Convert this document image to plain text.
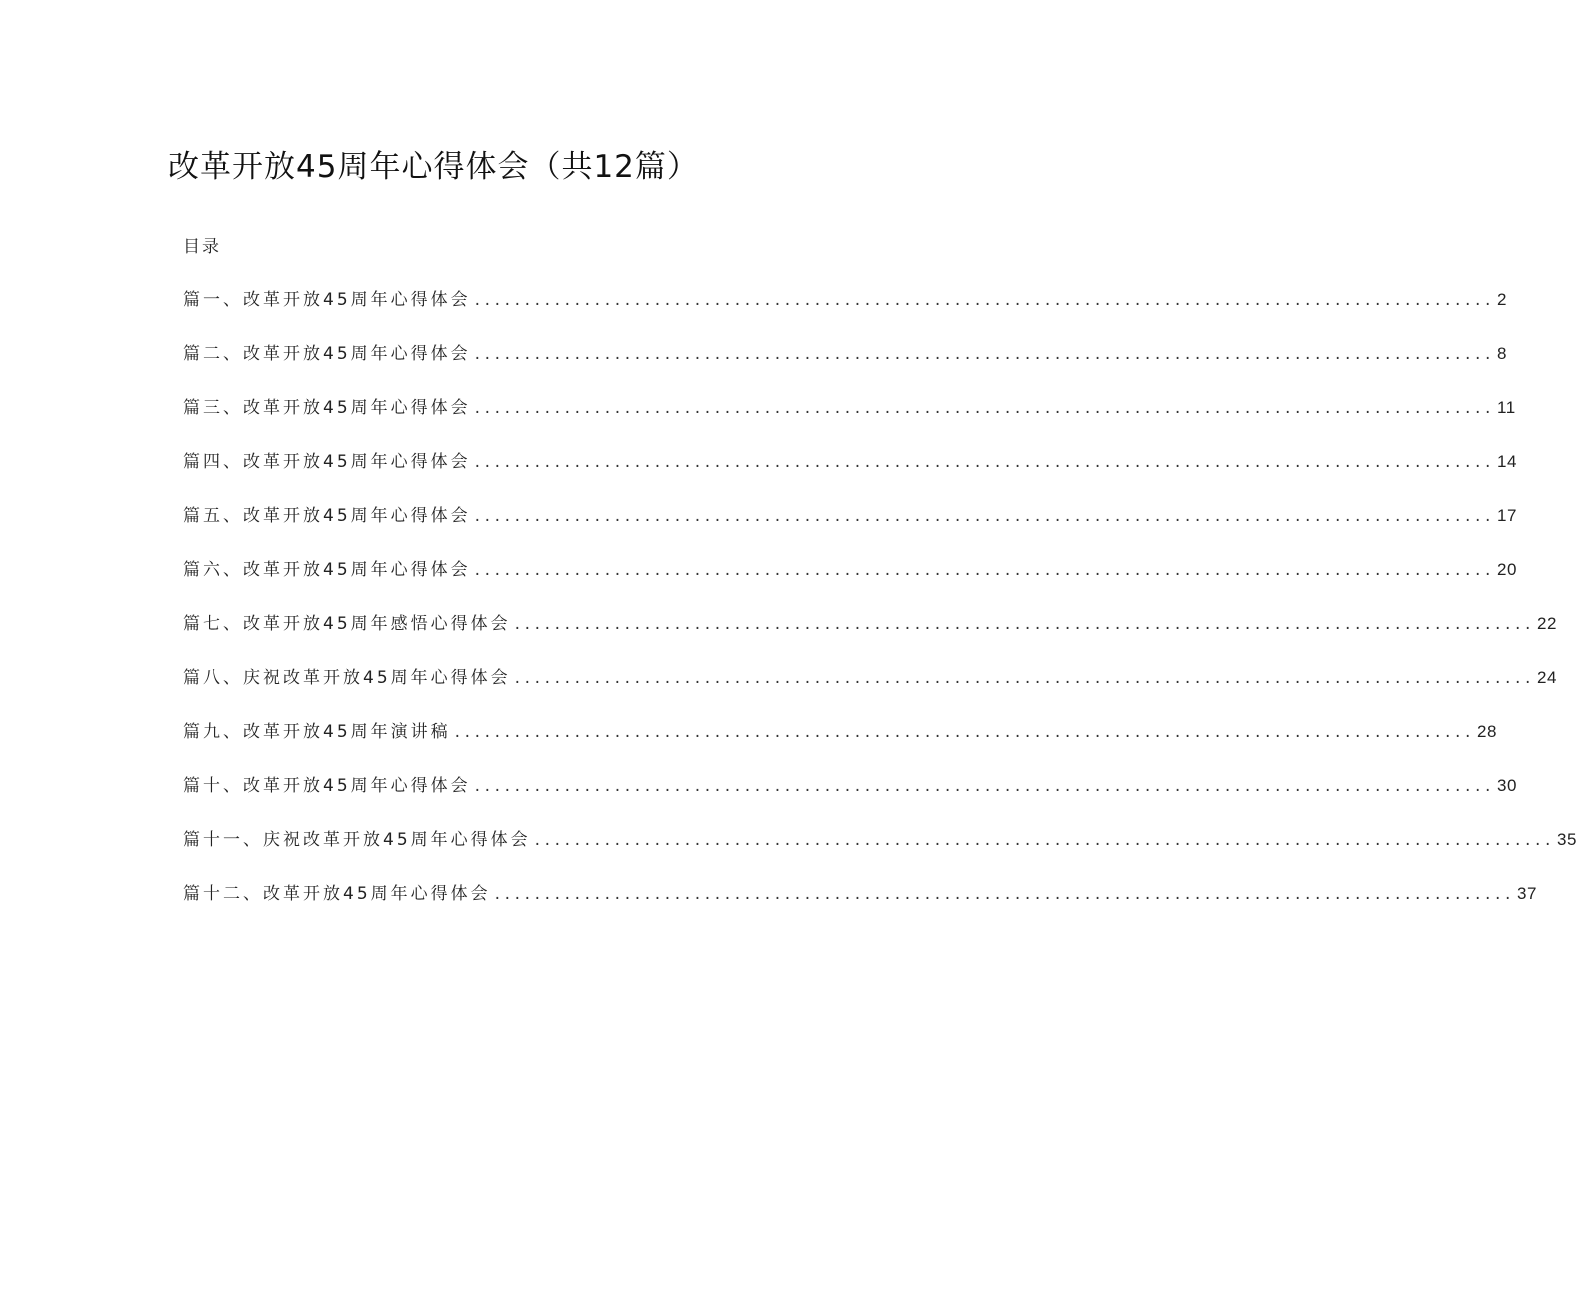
改革开放45周年心得体会（共12篇）
目录
篇一、改革开放45周年心得体会 ...................................................................................................... 2
篇二、改革开放45周年心得体会 ...................................................................................................... 8
篇三、改革开放45周年心得体会 ...................................................................................................... 11
篇四、改革开放45周年心得体会 ...................................................................................................... 14
篇五、改革开放45周年心得体会 ...................................................................................................... 17
篇六、改革开放45周年心得体会 ...................................................................................................... 20
篇七、改革开放45周年感悟心得体会 ...................................................................................................... 22
篇八、庆祝改革开放45周年心得体会 ...................................................................................................... 24
篇九、改革开放45周年演讲稿 ...................................................................................................... 28
篇十、改革开放45周年心得体会 ...................................................................................................... 30
篇十一、庆祝改革开放45周年心得体会 ...................................................................................................... 35
篇十二、改革开放45周年心得体会 ...................................................................................................... 37
